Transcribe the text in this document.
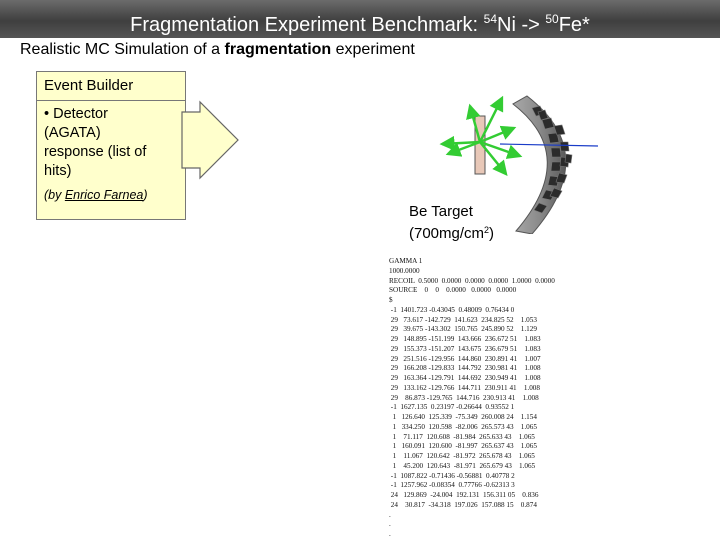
Fragmentation Experiment Benchmark: $^{54}$Ni -> $^{50}$Fe*
Realistic MC Simulation of a fragmentation experiment
Event Builder
• Detector
(AGATA)
response (list of
hits)
(by Enrico Farnea)
Be Target
$(700mg/cm^2)$
GAMMA 1
1000.0000
RECOIL  0.5000  0.0000  0.0000  0.0000  1.0000  0.0000
SOURCE    0    0    0.0000   0.0000   0.0000
$
-1  1401.723 -0.43045  0.48009  0.76434 0
29   73.617 -142.729  141.623  234.825 52    1.053
29   39.675 -143.302  150.765  245.890 52    1.129
29   148.895 -151.199  143.666  236.672 51    1.083
29   155.373 -151.207  143.675  236.679 51    1.083
29   251.516 -129.956  144.860  230.891 41    1.007
29   166.208 -129.833  144.792  230.981 41    1.008
29   163.364 -129.791  144.692  230.949 41    1.008
29   133.162 -129.766  144.711  230.911 41    1.008
29    86.873 -129.765  144.716  230.913 41    1.008
-1  1627.135  0.23197 -0.26644  0.93552 1
1   126.640  125.339  -75.349  260.008 24    1.154
1   334.250  120.598  -82.006  265.573 43    1.065
1    71.117  120.608  -81.984  265.633 43    1.065
1   160.091  120.600  -81.997  265.637 43    1.065
1    11.067  120.642  -81.972  265.678 43    1.065
1    45.200  120.643  -81.971  265.679 43    1.065
-1  1087.822 -0.71436 -0.56881  0.40778 2
-1  1257.962 -0.08354  0.77766 -0.62313 3
24   129.869  -24.004  192.131  156.311 05    0.836
24    30.817  -34.318  197.026  157.088 15    0.874
.
.
.
